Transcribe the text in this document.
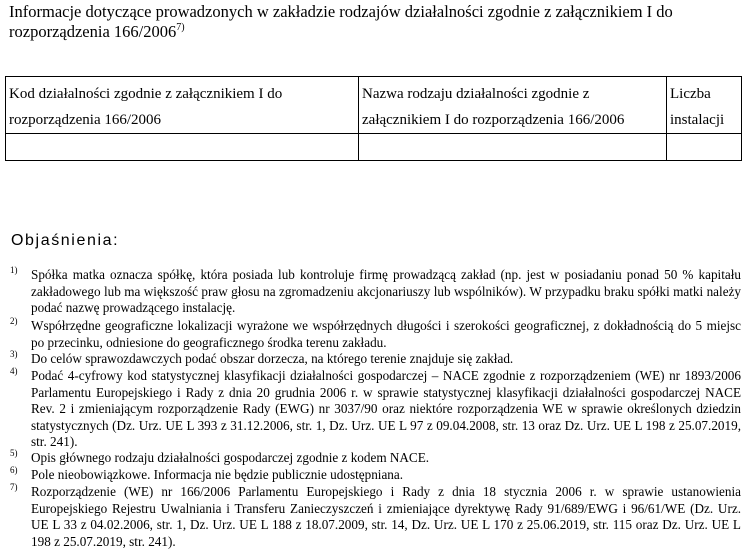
Informacje dotyczące prowadzonych w zakładzie rodzajów działalności zgodnie z załącznikiem I do rozporządzenia 166/2006$^{7)}$

Kod działalności zgodnie z załącznikiem I do rozporządzenia 166/2006	Nazwa rodzaju działalności zgodnie z załącznikiem I do rozporządzenia 166/2006	Liczba instalacji

Objaśnienia:

1) Spółka matka oznacza spółkę, która posiada lub kontroluje firmę prowadzącą zakład (np. jest w posiadaniu ponad 50 % kapitału zakładowego lub ma większość praw głosu na zgromadzeniu akcjonariuszy lub wspólników). W przypadku braku spółki matki należy podać nazwę prowadzącego instalację.
2) Współrzędne geograficzne lokalizacji wyrażone we współrzędnych długości i szerokości geograficznej, z dokładnością do 5 miejsc po przecinku, odniesione do geograficznego środka terenu zakładu.
3) Do celów sprawozdawczych podać obszar dorzecza, na którego terenie znajduje się zakład.
4) Podać 4-cyfrowy kod statystycznej klasyfikacji działalności gospodarczej – NACE zgodnie z rozporządzeniem (WE) nr 1893/2006 Parlamentu Europejskiego i Rady z dnia 20 grudnia 2006 r. w sprawie statystycznej klasyfikacji działalności gospodarczej NACE Rev. 2 i zmieniającym rozporządzenie Rady (EWG) nr 3037/90 oraz niektóre rozporządzenia WE w sprawie określonych dziedzin statystycznych (Dz. Urz. UE L 393 z 31.12.2006, str. 1, Dz. Urz. UE L 97 z 09.04.2008, str. 13 oraz Dz. Urz. UE L 198 z 25.07.2019, str. 241).
5) Opis głównego rodzaju działalności gospodarczej zgodnie z kodem NACE.
6) Pole nieobowiązkowe. Informacja nie będzie publicznie udostępniana.
7) Rozporządzenie (WE) nr 166/2006 Parlamentu Europejskiego i Rady z dnia 18 stycznia 2006 r. w sprawie ustanowienia Europejskiego Rejestru Uwalniania i Transferu Zanieczyszczeń i zmieniające dyrektywę Rady 91/689/EWG i 96/61/WE (Dz. Urz. UE L 33 z 04.02.2006, str. 1, Dz. Urz. UE L 188 z 18.07.2009, str. 14, Dz. Urz. UE L 170 z 25.06.2019, str. 115 oraz Dz. Urz. UE L 198 z 25.07.2019, str. 241).
